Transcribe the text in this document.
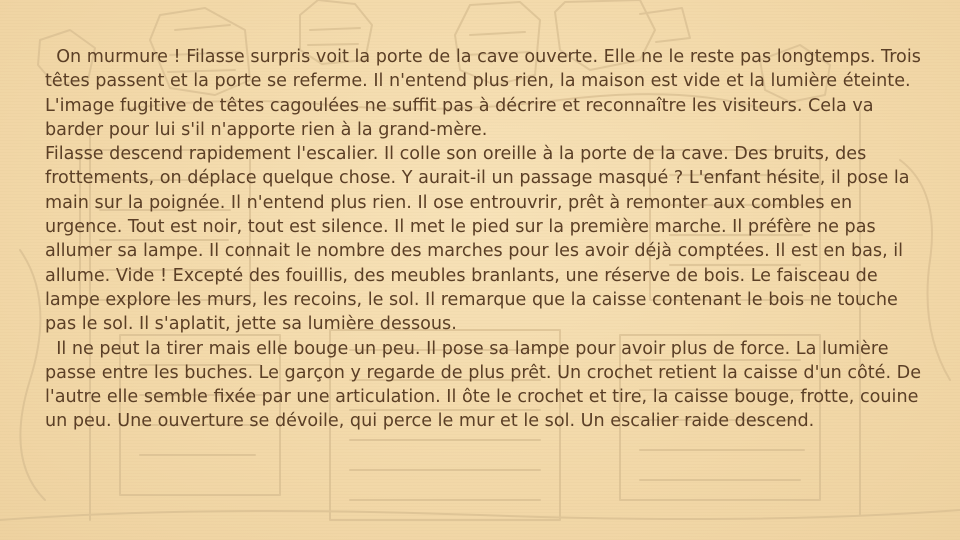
On murmure ! Filasse surpris voit la porte de la cave ouverte. Elle ne le reste pas longtemps. Trois têtes passent et la porte se referme. Il n'entend plus rien, la maison est vide et la lumière éteinte. L'image fugitive de têtes cagoulées ne suffit pas à décrire et reconnaître les visiteurs. Cela va barder pour lui s'il n'apporte rien à la grand-mère.

Filasse descend rapidement l'escalier. Il colle son oreille à la porte de la cave. Des bruits, des frottements, on déplace quelque chose. Y aurait-il un passage masqué ? L'enfant hésite, il pose la main sur la poignée. Il n'entend plus rien. Il ose entrouvrir, prêt à remonter aux combles en urgence. Tout est noir, tout est silence. Il met le pied sur la première marche. Il préfère ne pas allumer sa lampe. Il connait le nombre des marches pour les avoir déjà comptées. Il est en bas, il allume. Vide ! Excepté des fouillis, des meubles branlants, une réserve de bois. Le faisceau de lampe explore les murs, les recoins, le sol. Il remarque que la caisse contenant le bois ne touche pas le sol. Il s'aplatit, jette sa lumière dessous.

Il ne peut la tirer mais elle bouge un peu. Il pose sa lampe pour avoir plus de force. La lumière passe entre les buches. Le garçon y regarde de plus prêt. Un crochet retient la caisse d'un côté. De l'autre elle semble fixée par une articulation. Il ôte le crochet et tire, la caisse bouge, frotte, couine un peu. Une ouverture se dévoile, qui perce le mur et le sol. Un escalier raide descend.
